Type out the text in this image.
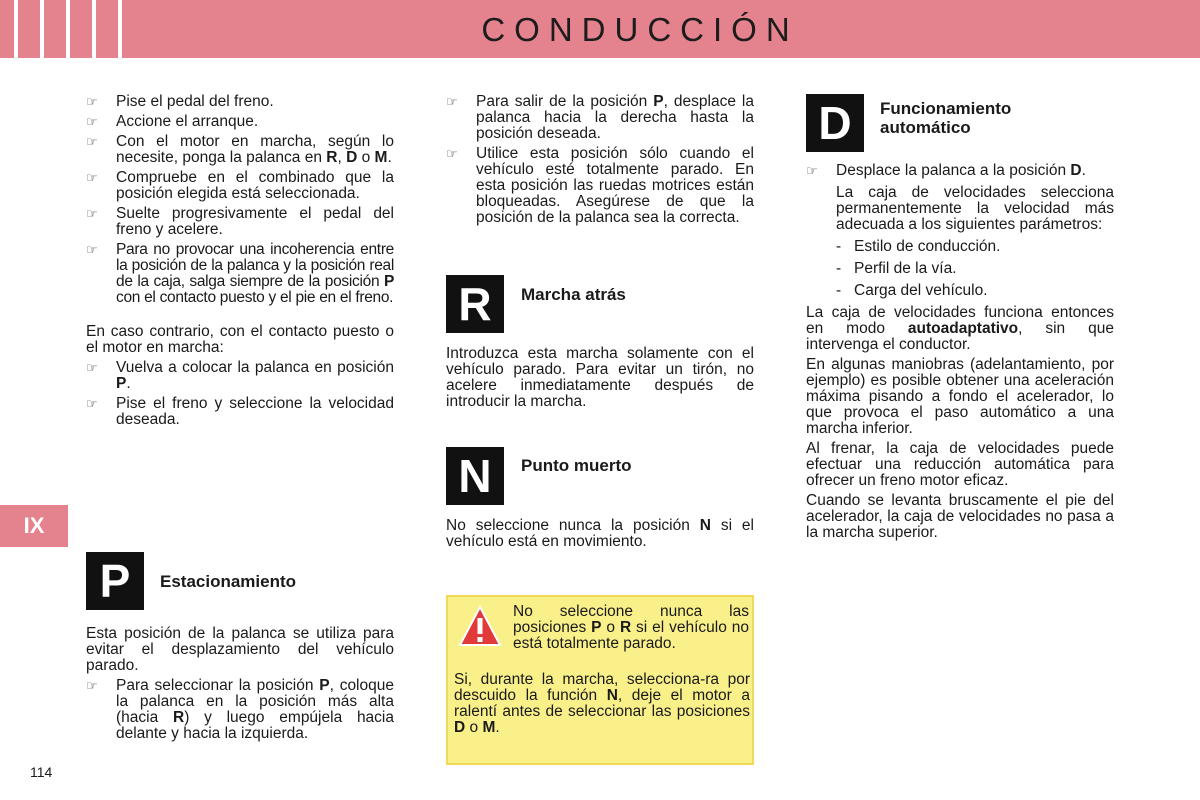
CONDUCCIÓN
IX
114
☞ Pise el pedal del freno.
☞ Accione el arranque.
☞ Con el motor en marcha, según lo necesite, ponga la palanca en R, D o M.
☞ Compruebe en el combinado que la posición elegida está seleccionada.
☞ Suelte progresivamente el pedal del freno y acelere.
☞ Para no provocar una incoherencia entre la posición de la palanca y la posición real de la caja, salga siempre de la posición P con el contacto puesto y el pie en el freno.
En caso contrario, con el contacto puesto o el motor en marcha:
☞ Vuelva a colocar la palanca en posición P.
☞ Pise el freno y seleccione la velocidad deseada.
P	Estacionamiento
Esta posición de la palanca se utiliza para evitar el desplazamiento del vehículo parado.
☞ Para seleccionar la posición P, coloque la palanca en la posición más alta (hacia R) y luego empújela hacia delante y hacia la izquierda.
☞ Para salir de la posición P, desplace la palanca hacia la derecha hasta la posición deseada.
☞ Utilice esta posición sólo cuando el vehículo esté totalmente parado. En esta posición las ruedas motrices están bloqueadas. Asegúrese de que la posición de la palanca sea la correcta.
R	Marcha atrás
Introduzca esta marcha solamente con el vehículo parado. Para evitar un tirón, no acelere inmediatamente después de introducir la marcha.
N	Punto muerto
No seleccione nunca la posición N si el vehículo está en movimiento.
No seleccione nunca las posiciones P o R si el vehículo no está totalmente parado.
Si, durante la marcha, selecciona-ra por descuido la función N, deje el motor a ralentí antes de seleccionar las posiciones D o M.
D	Funcionamiento
automático
☞ Desplace la palanca a la posición D.
La caja de velocidades selecciona permanentemente la velocidad más adecuada a los siguientes parámetros:
- Estilo de conducción.
- Perfil de la vía.
- Carga del vehículo.
La caja de velocidades funciona entonces en modo autoadaptativo, sin que intervenga el conductor.
En algunas maniobras (adelantamiento, por ejemplo) es posible obtener una aceleración máxima pisando a fondo el acelerador, lo que provoca el paso automático a una marcha inferior.
Al frenar, la caja de velocidades puede efectuar una reducción automática para ofrecer un freno motor eficaz.
Cuando se levanta bruscamente el pie del acelerador, la caja de velocidades no pasa a la marcha superior.
